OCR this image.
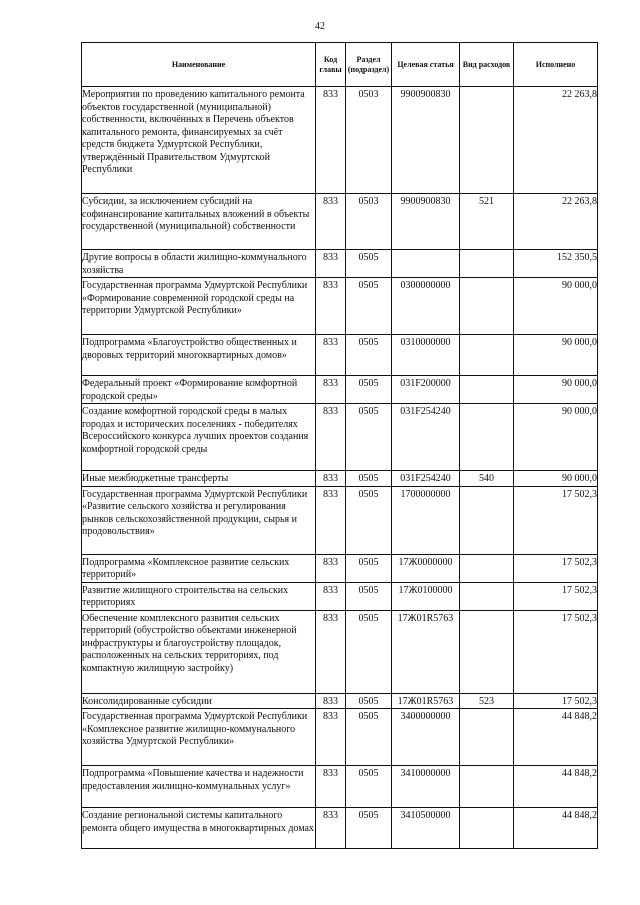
42
Наименование	Код главы	Раздел (подраздел)	Целевая статья	Вид расходов	Исполнено
Мероприятия по проведению капитального ремонта объектов государственной (муниципальной) собственности, включённых в Перечень объектов капитального ремонта, финансируемых за счёт средств бюджета Удмуртской Республики, утверждённый Правительством Удмуртской Республики	833	0503	9900900830		22 263,8
Субсидии, за исключением субсидий на софинансирование капитальных вложений в объекты государственной (муниципальной) собственности	833	0503	9900900830	521	22 263,8
Другие вопросы в области жилищно-коммунального хозяйства	833	0505			152 350,5
Государственная программа Удмуртской Республики «Формирование современной городской среды на территории Удмуртской Республики»	833	0505	0300000000		90 000,0
Подпрограмма «Благоустройство общественных и дворовых территорий многоквартирных домов»	833	0505	0310000000		90 000,0
Федеральный проект «Формирование комфортной городской среды»	833	0505	031F200000		90 000,0
Создание комфортной городской среды в малых городах и исторических поселениях - победителях Всероссийского конкурса лучших проектов создания комфортной городской среды	833	0505	031F254240		90 000,0
Иные межбюджетные трансферты	833	0505	031F254240	540	90 000,0
Государственная программа Удмуртской Республики «Развитие сельского хозяйства и регулирования рынков сельскохозяйственной продукции, сырья и продовольствия»	833	0505	1700000000		17 502,3
Подпрограмма «Комплексное развитие сельских территорий»	833	0505	17Ж0000000		17 502,3
Развитие жилищного строительства на сельских территориях	833	0505	17Ж0100000		17 502,3
Обеспечение комплексного развития сельских территорий (обустройство объектами инженерной инфраструктуры и благоустройству площадок, расположенных на сельских территориях, под компактную жилищную застройку)	833	0505	17Ж01R5763		17 502,3
Консолидированные субсидии	833	0505	17Ж01R5763	523	17 502,3
Государственная программа Удмуртской Республики «Комплексное развитие жилищно-коммунального хозяйства Удмуртской Республики»	833	0505	3400000000		44 848,2
Подпрограмма «Повышение качества и надежности предоставления жилищно-коммунальных услуг»	833	0505	3410000000		44 848,2
Создание региональной системы капитального ремонта общего имущества в многоквартирных домах	833	0505	3410500000		44 848,2
